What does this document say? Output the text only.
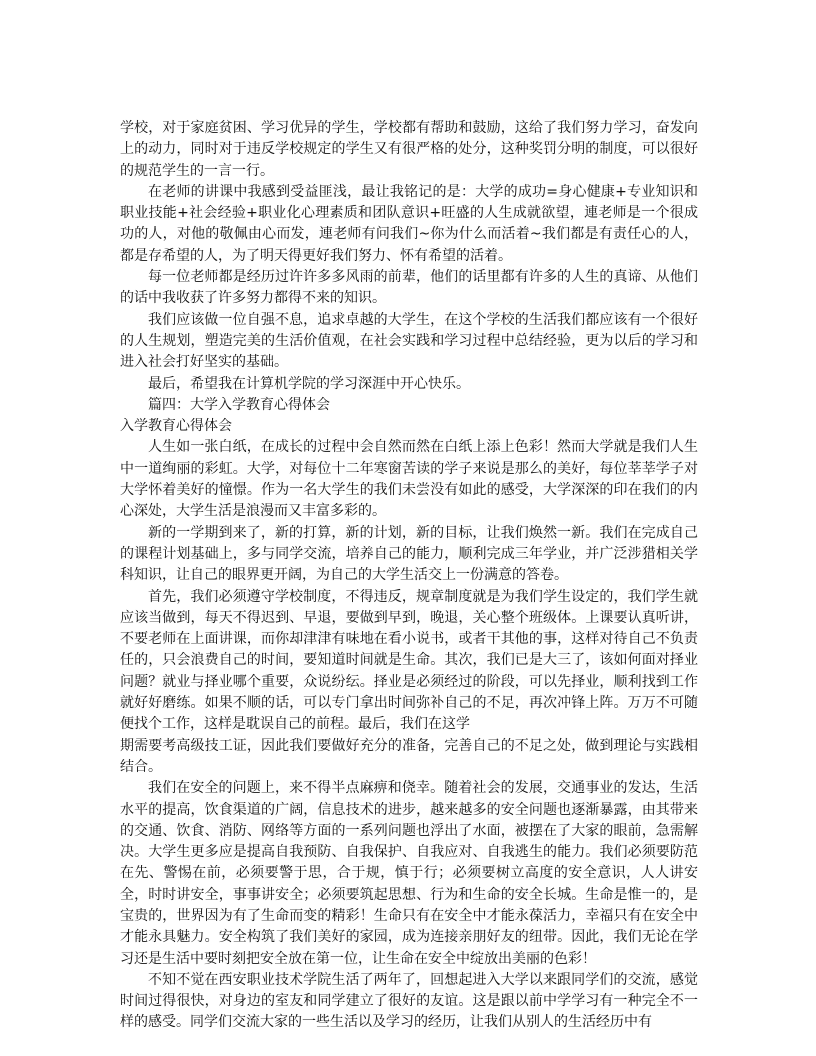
学校，对于家庭贫困、学习优异的学生，学校都有帮助和鼓励，这给了我们努力学习，奋发向上的动力，同时对于违反学校规定的学生又有很严格的处分，这种奖罚分明的制度，可以很好的规范学生的一言一行。

在老师的讲课中我感到受益匪浅，最让我铭记的是：大学的成功=身心健康+专业知识和职业技能+社会经验+职业化心理素质和团队意识+旺盛的人生成就欲望，連老师是一个很成功的人，对他的敬佩由心而发，連老师有问我们~你为什么而活着~我们都是有责任心的人，都是存希望的人，为了明天得更好我们努力、怀有希望的活着。

每一位老师都是经历过许许多多风雨的前辈，他们的话里都有许多的人生的真谛、从他们的话中我收获了许多努力都得不来的知识。

我们应该做一位自强不息，追求卓越的大学生，在这个学校的生活我们都应该有一个很好的人生规划，塑造完美的生活价值观，在社会实践和学习过程中总结经验，更为以后的学习和进入社会打好坚实的基础。

最后，希望我在计算机学院的学习深涯中开心快乐。

篇四：大学入学教育心得体会

入学教育心得体会

人生如一张白纸，在成长的过程中会自然而然在白纸上添上色彩！然而大学就是我们人生中一道绚丽的彩虹。大学，对每位十二年寒窗苦读的学子来说是那么的美好，每位莘莘学子对大学怀着美好的憧憬。作为一名大学生的我们未尝没有如此的感受，大学深深的印在我们的内心深处，大学生活是浪漫而又丰富多彩的。

新的一学期到来了，新的打算，新的计划，新的目标，让我们焕然一新。我们在完成自己的课程计划基础上，多与同学交流，培养自己的能力，顺利完成三年学业，并广泛涉猎相关学科知识，让自己的眼界更开阔，为自己的大学生活交上一份满意的答卷。

首先，我们必须遵守学校制度，不得违反，规章制度就是为我们学生设定的，我们学生就应该当做到，每天不得迟到、早退，要做到早到，晚退，关心整个班级体。上课要认真听讲，不要老师在上面讲课，而你却津津有味地在看小说书，或者干其他的事，这样对待自己不负责任的，只会浪费自己的时间，要知道时间就是生命。其次，我们已是大三了，该如何面对择业问题？就业与择业哪个重要，众说纷纭。择业是必须经过的阶段，可以先择业，顺利找到工作就好好磨练。如果不顺的话，可以专门拿出时间弥补自己的不足，再次冲锋上阵。万万不可随便找个工作，这样是耽误自己的前程。最后，我们在这学

期需要考高级技工证，因此我们要做好充分的准备，完善自己的不足之处，做到理论与实践相结合。

我们在安全的问题上，来不得半点麻痹和侥幸。随着社会的发展，交通事业的发达，生活水平的提高，饮食渠道的广阔，信息技术的进步，越来越多的安全问题也逐渐暴露，由其带来的交通、饮食、消防、网络等方面的一系列问题也浮出了水面，被摆在了大家的眼前，急需解决。大学生更多应是提高自我预防、自我保护、自我应对、自我逃生的能力。我们必须要防范在先、警惕在前，必须要警于思，合于规，慎于行；必须要树立高度的安全意识，人人讲安全，时时讲安全，事事讲安全；必须要筑起思想、行为和生命的安全长城。生命是惟一的，是宝贵的，世界因为有了生命而变的精彩！生命只有在安全中才能永葆活力，幸福只有在安全中才能永具魅力。安全构筑了我们美好的家园，成为连接亲朋好友的纽带。因此，我们无论在学习还是生活中要时刻把安全放在第一位，让生命在安全中绽放出美丽的色彩！

不知不觉在西安职业技术学院生活了两年了，回想起进入大学以来跟同学们的交流，感觉时间过得很快，对身边的室友和同学建立了很好的友谊。这是跟以前中学学习有一种完全不一样的感受。同学们交流大家的一些生活以及学习的经历，让我们从别人的生活经历中有
